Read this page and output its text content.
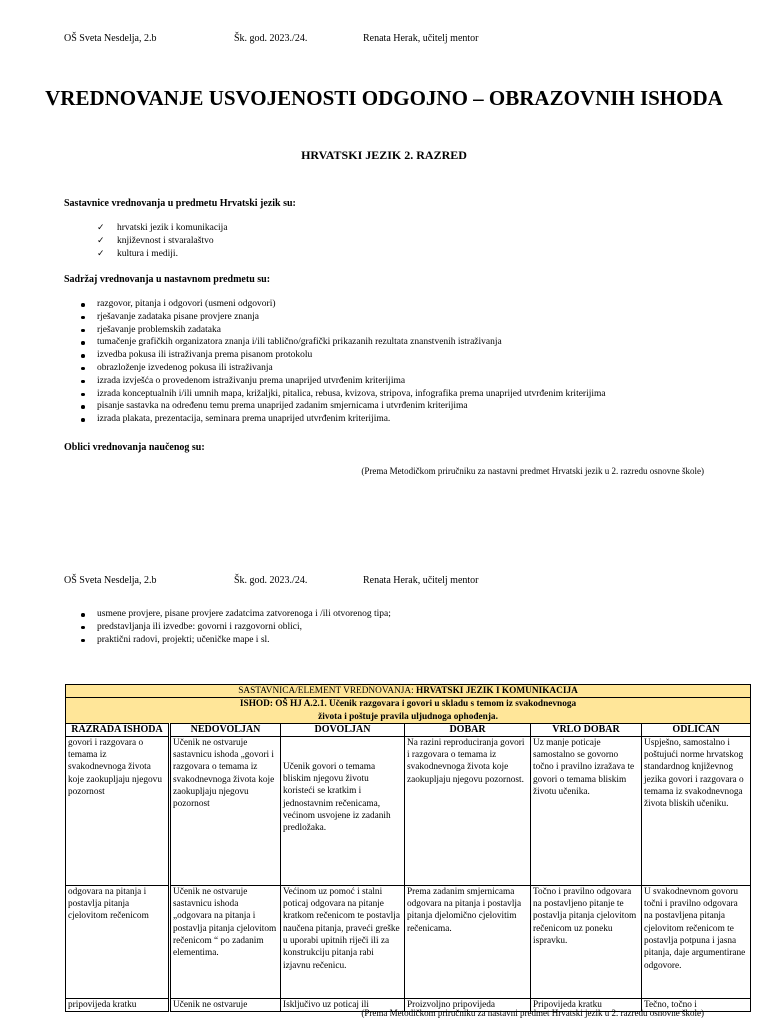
OŠ Sveta Nesdelja, 2.b	Šk. god. 2023./24.	Renata Herak, učitelj mentor
VREDNOVANJE USVOJENOSTI ODGOJNO – OBRAZOVNIH ISHODA
HRVATSKI JEZIK 2. RAZRED
Sastavnice vrednovanja u predmetu Hrvatski jezik su:
✓ hrvatski jezik i komunikacija
✓ književnost i stvaralaštvo
✓ kultura i mediji.
Sadržaj vrednovanja u nastavnom predmetu su:
razgovor, pitanja i odgovori (usmeni odgovori)
rješavanje zadataka pisane provjere znanja
rješavanje problemskih zadataka
tumačenje grafičkih organizatora znanja i/ili tablično/grafički prikazanih rezultata znanstvenih istraživanja
izvedba pokusa ili istraživanja prema pisanom protokolu
obrazloženje izvedenog pokusa ili istraživanja
izrada izvješća o provedenom istraživanju prema unaprijed utvrđenim kriterijima
izrada konceptualnih i/ili umnih mapa, križaljki, pitalica, rebusa, kvizova, stripova, infografika prema unaprijed utvrđenim kriterijima
pisanje sastavka na određenu temu prema unaprijed zadanim smjernicama i utvrđenim kriterijima
izrada plakata, prezentacija, seminara prema unaprijed utvrđenim kriterijima.
Oblici vrednovanja naučenog su:
(Prema Metodičkom priručniku za nastavni predmet Hrvatski jezik u 2. razredu osnovne škole)
OŠ Sveta Nesdelja, 2.b	Šk. god. 2023./24.	Renata Herak, učitelj mentor
usmene provjere, pisane provjere zadatcima zatvorenoga i /ili otvorenog tipa;
predstavljanja ili izvedbe: govorni i razgovorni oblici,
praktični radovi, projekti; učeničke mape i sl.
SASTAVNICA/ELEMENT VREDNOVANJA: HRVATSKI JEZIK I KOMUNIKACIJA					

ISHOD: OŠ HJ A.2.1. Učenik razgovara i govori u skladu s temom iz svakodnevnoga
života i poštuje pravila uljudnoga ophođenja.					

RAZRADA ISHODA	NEDOVOLJAN	DOVOLJAN	DOBAR	VRLO DOBAR	ODLIČAN
govori i razgovara o temama iz svakodnevnoga života koje zaokupljaju njegovu pozornost	Učenik ne ostvaruje sastavnicu ishoda „govori i razgovara o temama iz svakodnevnoga života koje zaokupljaju njegovu pozornost	Učenik govori o temama bliskim njegovu životu koristeći se kratkim i jednostavnim rečenicama, većinom usvojene iz zadanih predložaka.	Na razini reproduciranja govori i razgovara o temama iz svakodnevnoga života koje zaokupljaju njegovu pozornost.	Uz manje poticaje samostalno se govorno točno i pravilno izražava te govori o temama bliskim životu učenika.	Uspješno, samostalno i poštujući norme hrvatskog standardnog književnog jezika govori i razgovara o temama iz svakodnevnoga života bliskih učeniku.
odgovara na pitanja i postavlja pitanja cjelovitom rečenicom	Učenik ne ostvaruje sastavnicu ishoda „odgovara na pitanja i postavlja pitanja cjelovitom rečenicom “ po zadanim elementima.	Većinom uz pomoć i stalni poticaj odgovara na pitanje kratkom rečenicom te postavlja naučena pitanja, praveći greške u uporabi upitnih riječi ili za konstrukciju pitanja rabi izjavnu rečenicu.	Prema zadanim smjernicama odgovara na pitanja i postavlja pitanja djelomično cjelovitim rečenicama.	Točno i pravilno odgovara na postavljeno pitanje te postavlja pitanja cjelovitom rečenicom uz poneku ispravku.	U svakodnevnom govoru točni i pravilno odgovara na postavljena pitanja cjelovitom rečenicom te postavlja potpuna i jasna pitanja, daje argumentirane odgovore.
pripovijeda kratku	Učenik ne ostvaruje	Isključivo uz poticaj ili	Proizvoljno pripovijeda	Pripovijeda kratku	Tečno, točno i
(Prema Metodičkom priručniku za nastavni predmet Hrvatski jezik u 2. razredu osnovne škole)
